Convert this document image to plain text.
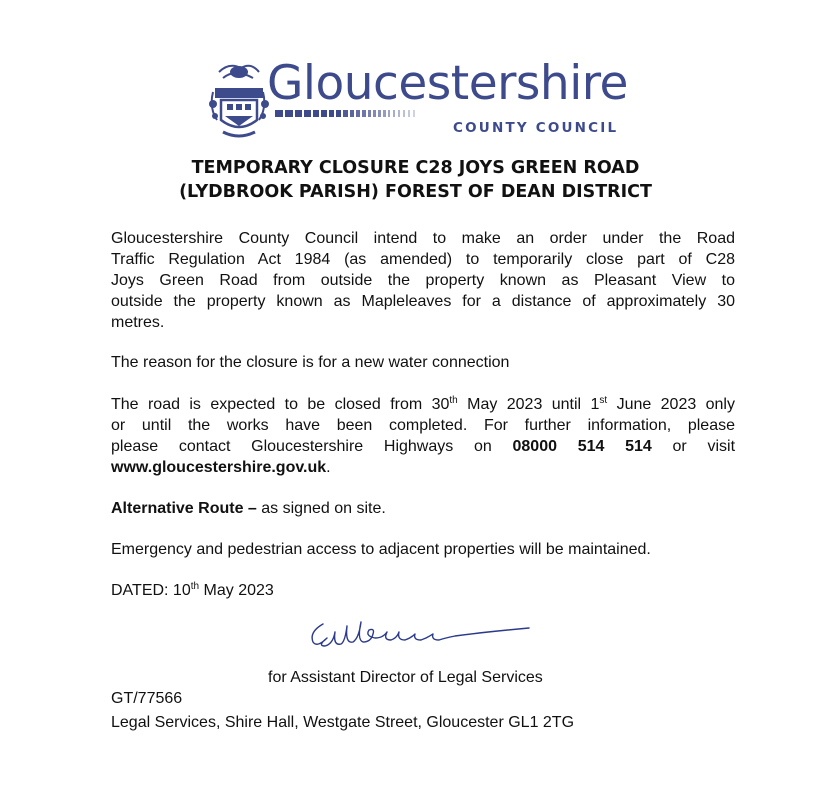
Gloucestershire
COUNTY COUNCIL
TEMPORARY CLOSURE C28 JOYS GREEN ROAD
(LYDBROOK PARISH) FOREST OF DEAN DISTRICT
Gloucestershire County Council intend to make an order under the Road
Traffic Regulation Act 1984 (as amended) to temporarily close part of C28
Joys Green Road from outside the property known as Pleasant View to
outside the property known as Mapleleaves for a distance of approximately 30
metres.
The reason for the closure is for a new water connection
The road is expected to be closed from 30th May 2023 until 1st June 2023 only
or until the works have been completed. For further information, please
please contact Gloucestershire Highways on 08000 514 514 or visit
www.gloucestershire.gov.uk.
Alternative Route – as signed on site.
Emergency and pedestrian access to adjacent properties will be maintained.
DATED: 10th May 2023
for Assistant Director of Legal Services
GT/77566
Legal Services, Shire Hall, Westgate Street, Gloucester GL1 2TG
